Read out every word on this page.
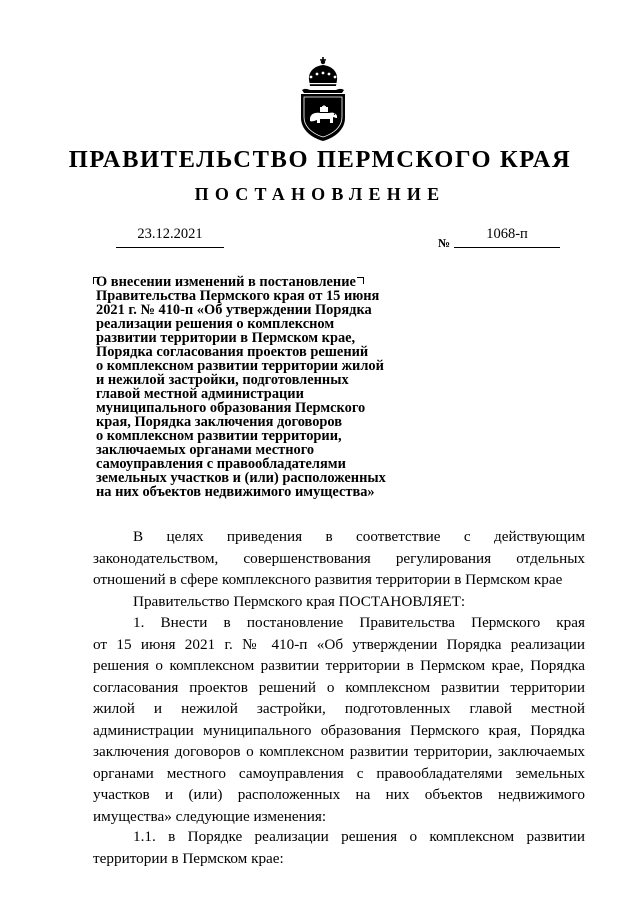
ПРАВИТЕЛЬСТВО ПЕРМСКОГО КРАЯ
ПОСТАНОВЛЕНИЕ
23.12.2021
№
1068-п
О внесении изменений в постановление
Правительства Пермского края от 15 июня
2021 г. № 410-п «Об утверждении Порядка
реализации решения о комплексном
развитии территории в Пермском крае,
Порядка согласования проектов решений
о комплексном развитии территории жилой
и нежилой застройки, подготовленных
главой местной администрации
муниципального образования Пермского
края, Порядка заключения договоров
о комплексном развитии территории,
заключаемых органами местного
самоуправления с правообладателями
земельных участков и (или) расположенных
на них объектов недвижимого имущества»
В целях приведения в соответствие с действующим
законодательством, совершенствования регулирования отдельных
отношений в сфере комплексного развития территории в Пермском крае
Правительство Пермского края ПОСТАНОВЛЯЕТ:
1. Внести в постановление Правительства Пермского края
от 15 июня 2021 г. № 410-п «Об утверждении Порядка реализации
решения о комплексном развитии территории в Пермском крае, Порядка
согласования проектов решений о комплексном развитии территории
жилой и нежилой застройки, подготовленных главой местной
администрации муниципального образования Пермского края, Порядка
заключения договоров о комплексном развитии территории, заключаемых
органами местного самоуправления с правообладателями земельных
участков и (или) расположенных на них объектов недвижимого
имущества» следующие изменения:
1.1. в Порядке реализации решения о комплексном развитии
территории в Пермском крае:
